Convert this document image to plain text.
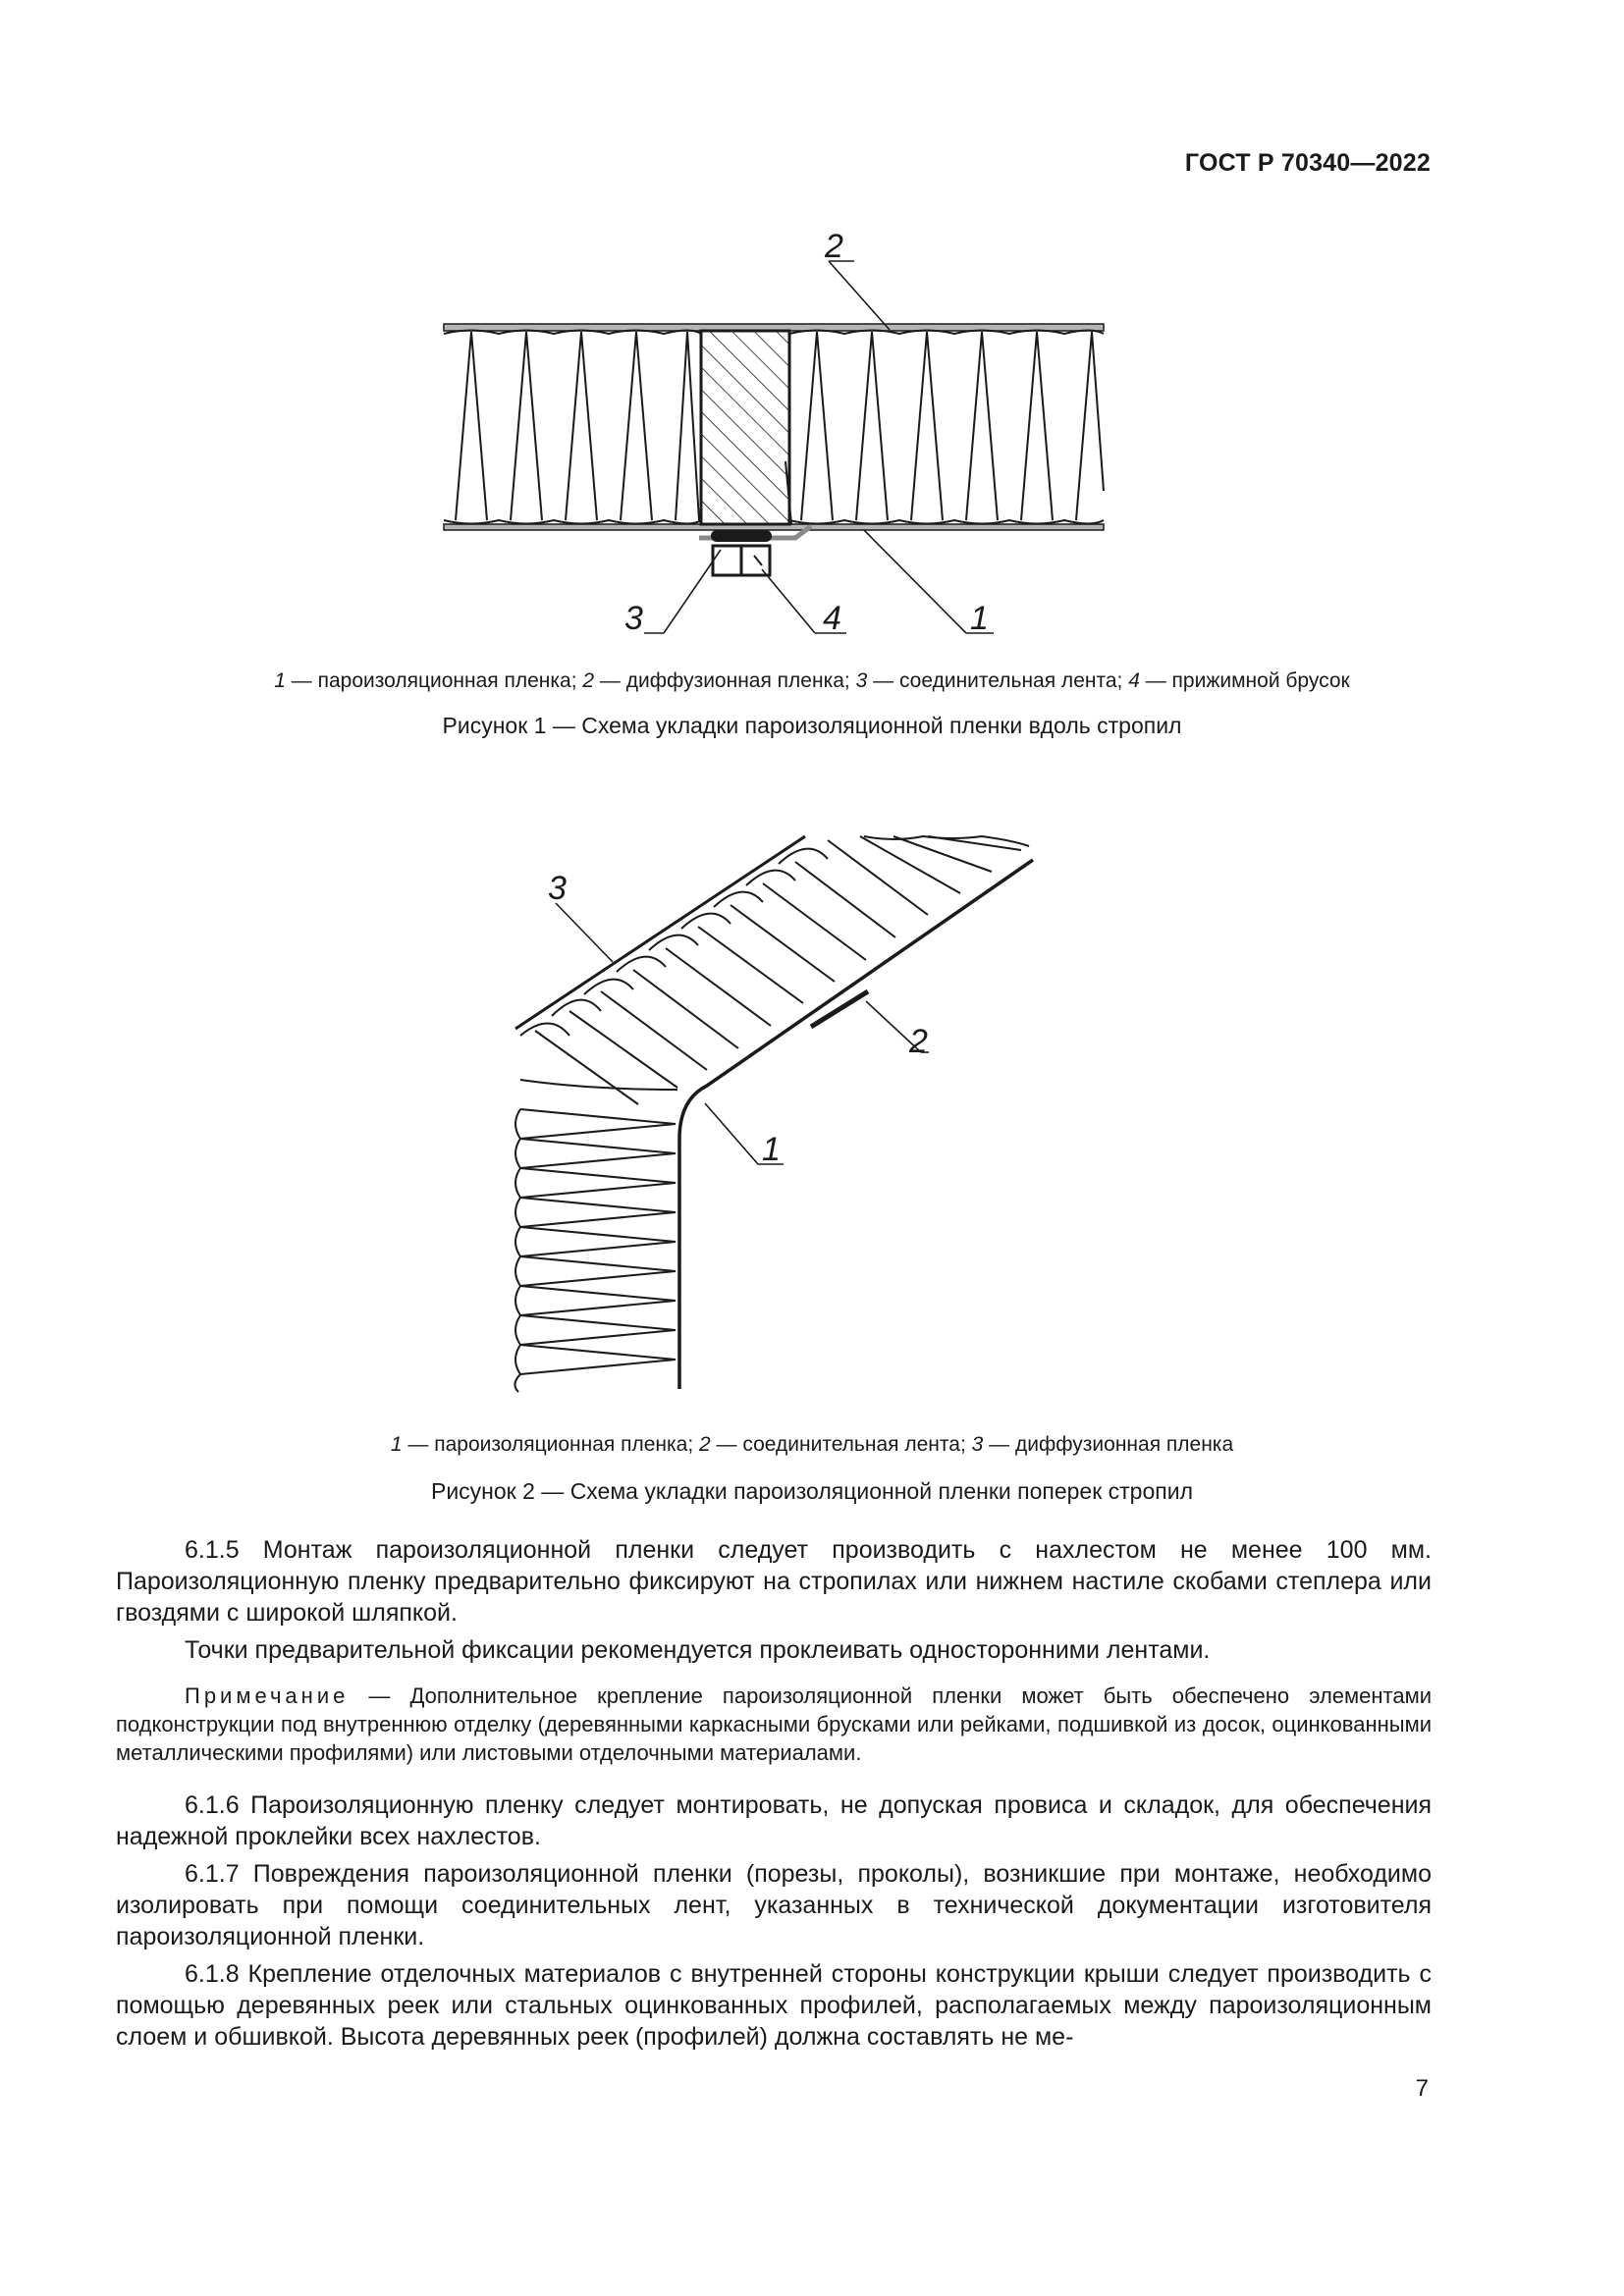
ГОСТ Р 70340—2022
2
3	4	1
1 — пароизоляционная пленка; 2 — диффузионная пленка; 3 — соединительная лента; 4 — прижимной брусок
Рисунок 1 — Схема укладки пароизоляционной пленки вдоль стропил
3
2
1
1 — пароизоляционная пленка; 2 — соединительная лента; 3 — диффузионная пленка
Рисунок 2 — Схема укладки пароизоляционной пленки поперек стропил

6.1.5 Монтаж пароизоляционной пленки следует производить с нахлестом не менее 100 мм. Пароизоляционную пленку предварительно фиксируют на стропилах или нижнем настиле скобами степлера или гвоздями с широкой шляпкой.

Точки предварительной фиксации рекомендуется проклеивать односторонними лентами.

Примечание — Дополнительное крепление пароизоляционной пленки может быть обеспечено элементами подконструкции под внутреннюю отделку (деревянными каркасными брусками или рейками, подшивкой из досок, оцинкованными металлическими профилями) или листовыми отделочными материалами.

6.1.6 Пароизоляционную пленку следует монтировать, не допуская провиса и складок, для обеспечения надежной проклейки всех нахлестов.

6.1.7 Повреждения пароизоляционной пленки (порезы, проколы), возникшие при монтаже, необходимо изолировать при помощи соединительных лент, указанных в технической документации изготовителя пароизоляционной пленки.

6.1.8 Крепление отделочных материалов с внутренней стороны конструкции крыши следует производить с помощью деревянных реек или стальных оцинкованных профилей, располагаемых между пароизоляционным слоем и обшивкой. Высота деревянных реек (профилей) должна составлять не ме-

7
